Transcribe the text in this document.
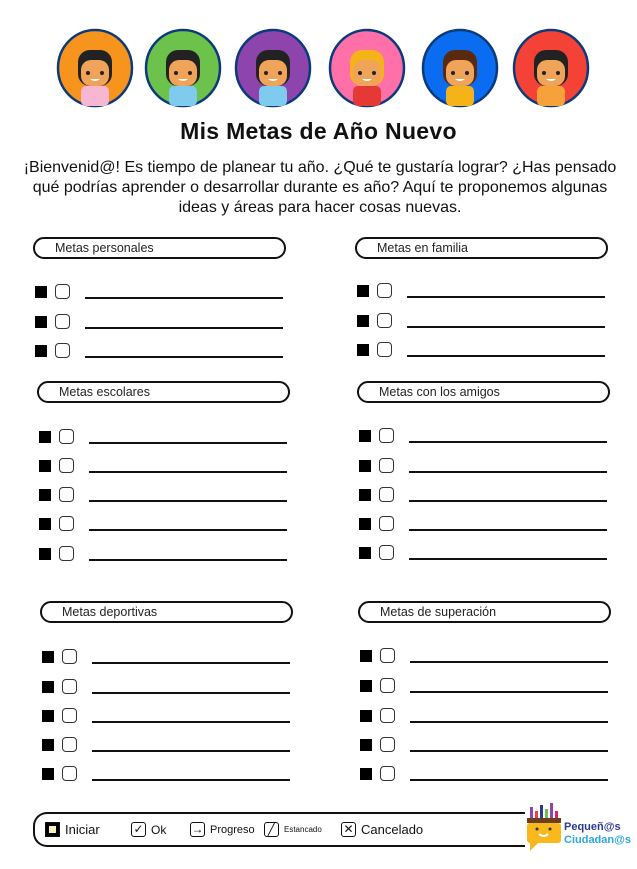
Mis Metas de Año Nuevo

¡Bienvenid@! Es tiempo de planear tu año. ¿Qué te gustaría lograr? ¿Has pensado qué podrías aprender o desarrollar durante es año? Aquí te proponemos algunas ideas y áreas para hacer cosas nuevas.

Metas personales	Metas en familia
Metas escolares	Metas con los amigos
Metas deportivas	Metas de superación
Iniciar	✓ Ok → Progreso	╱	Estancado ✕ Cancelado	Pequeñ@s
Ciudadan@s
